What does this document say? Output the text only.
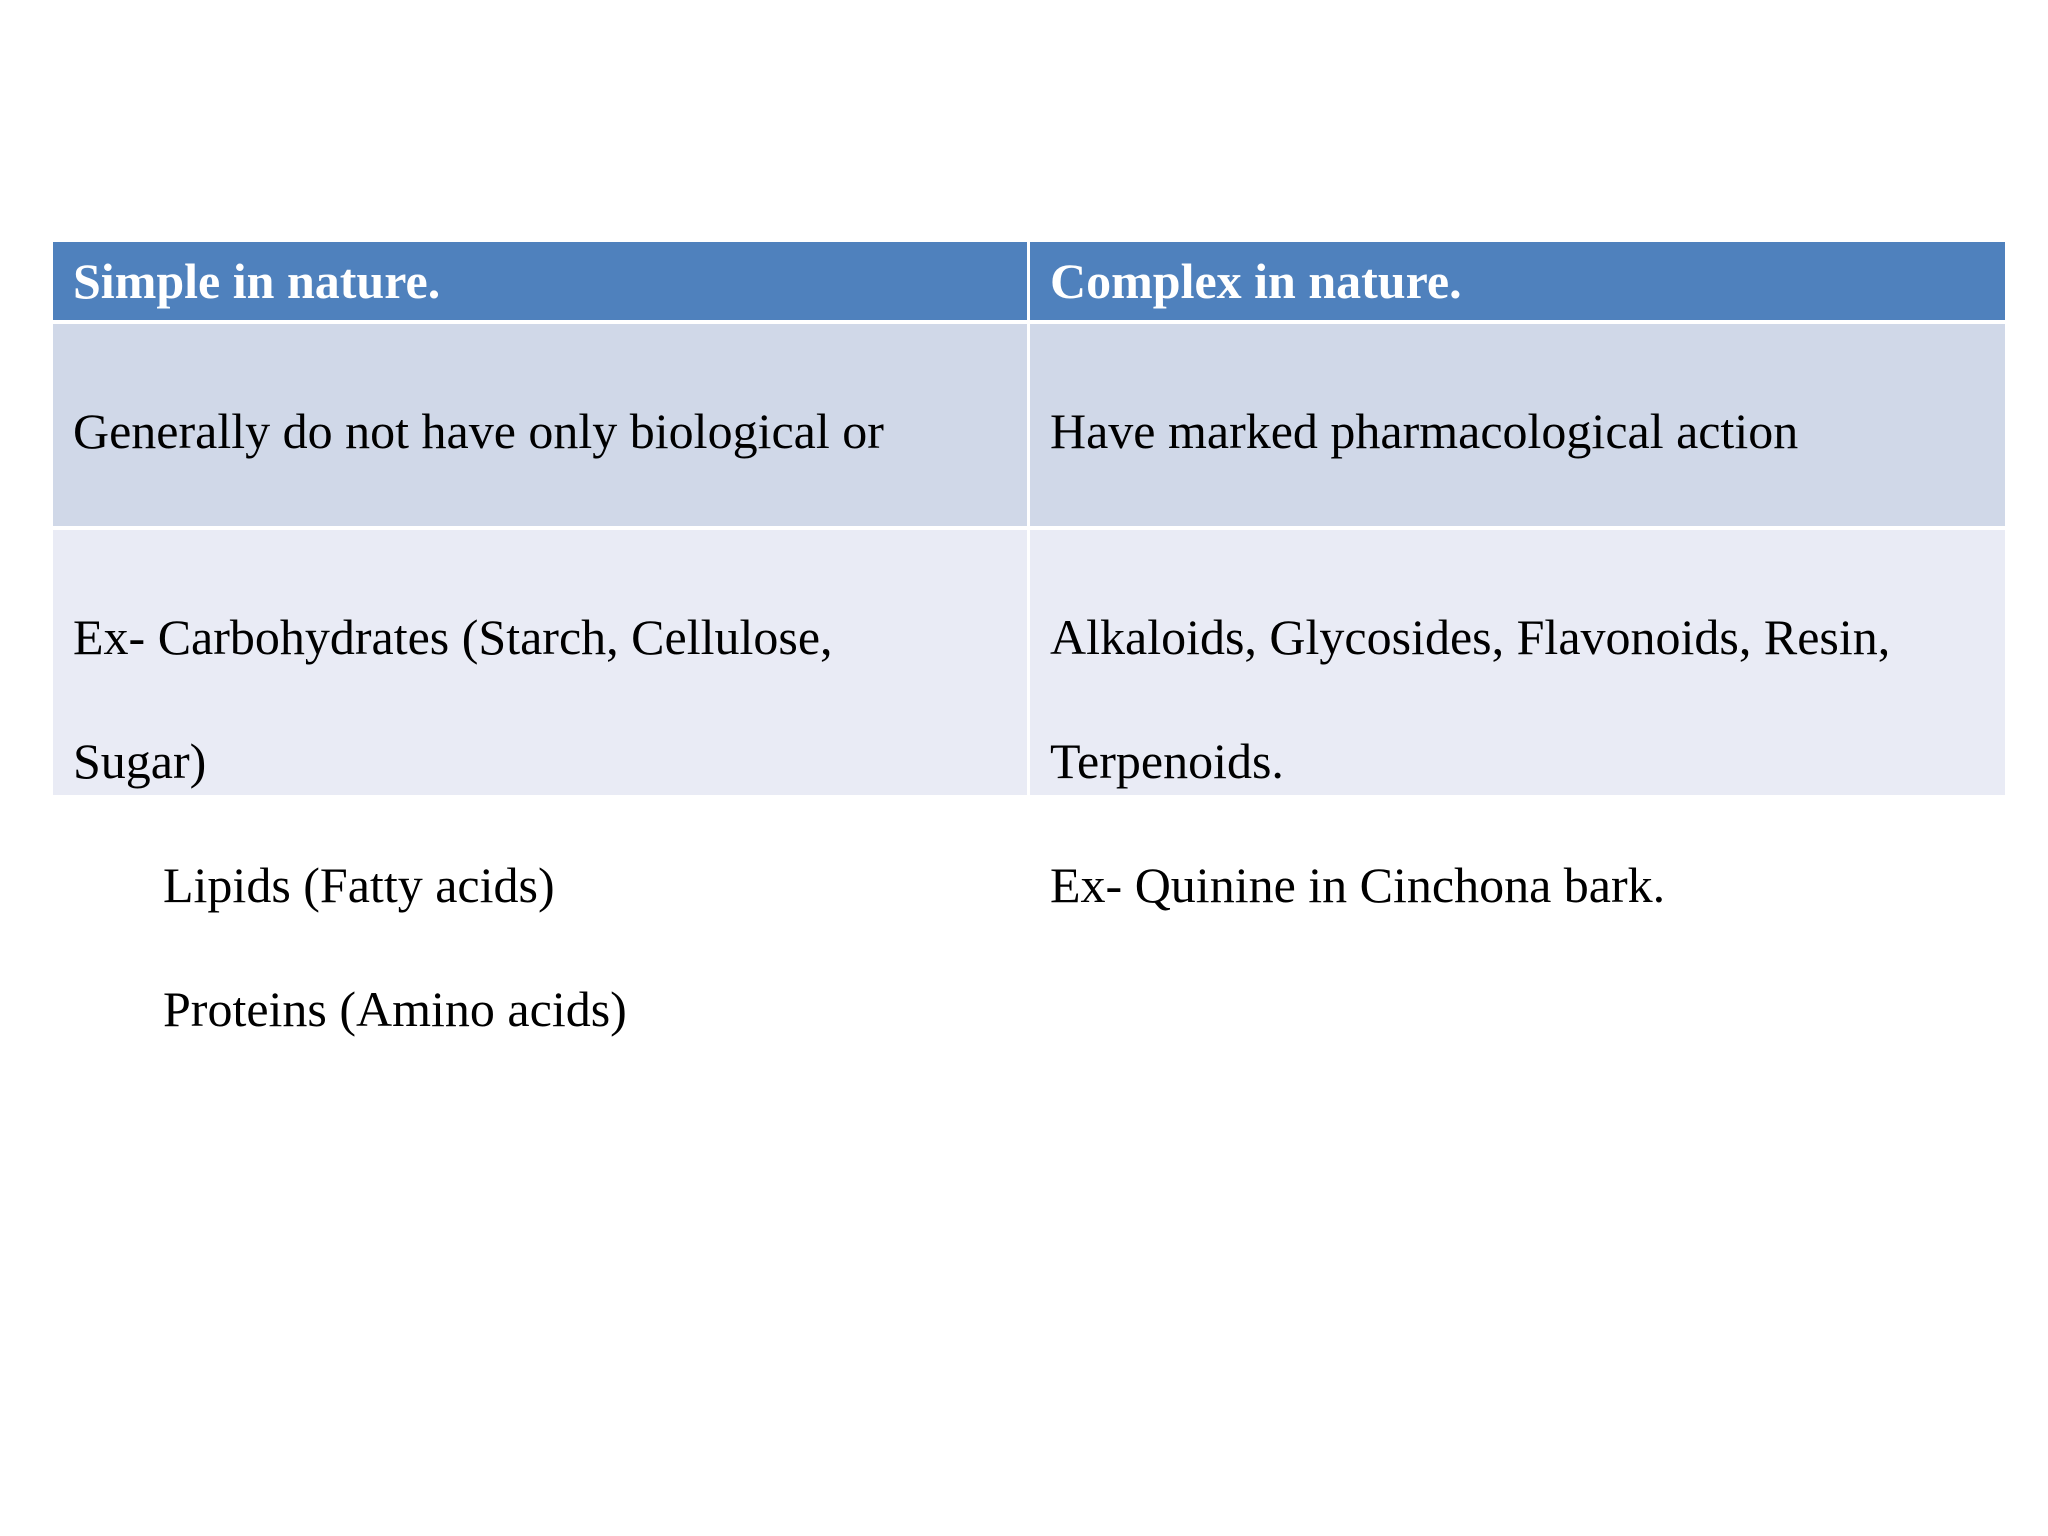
Simple in nature.	Complex in nature.

Generally do not have only biological or	Have marked pharmacological action

Ex- Carbohydrates (Starch, Cellulose,

Sugar)

Lipids (Fatty acids)

Proteins (Amino acids)

Alkaloids, Glycosides, Flavonoids, Resin,

Terpenoids.

Ex- Quinine in Cinchona bark.
